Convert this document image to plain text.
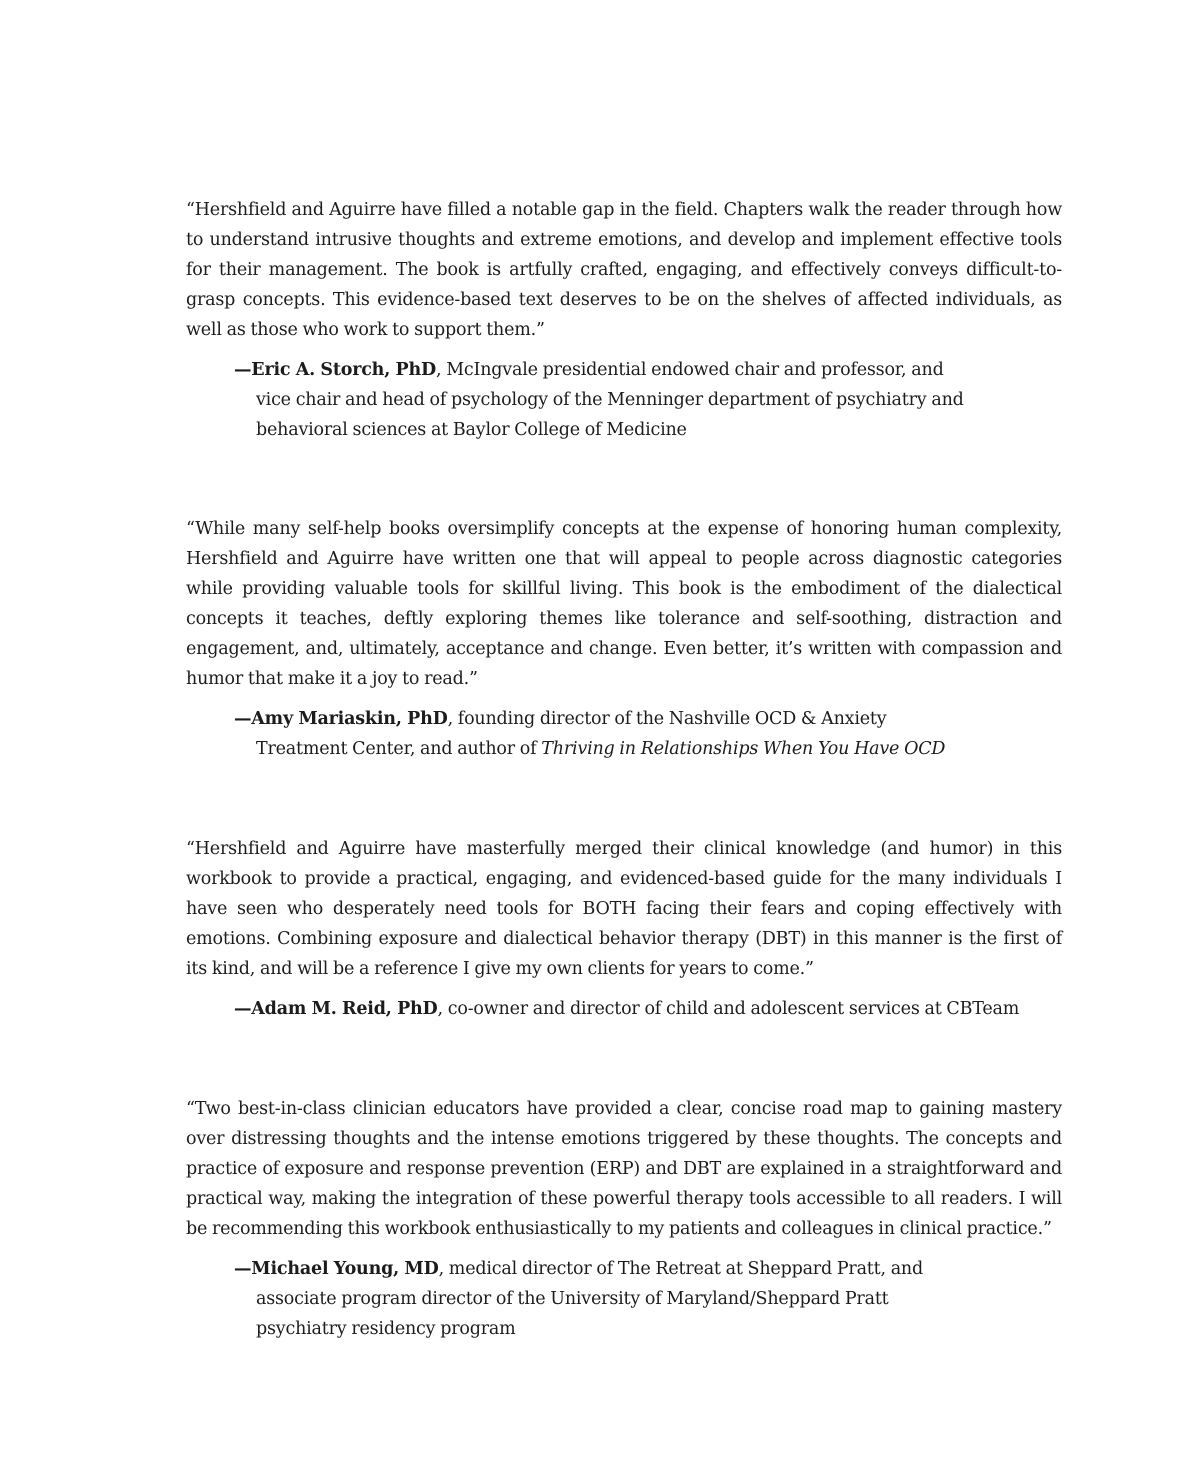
“Hershfield and Aguirre have filled a notable gap in the field. Chapters walk the reader through how to understand intrusive thoughts and extreme emotions, and develop and implement effective tools for their management. The book is artfully crafted, engaging, and effectively conveys difficult-to-grasp concepts. This evidence-based text deserves to be on the shelves of affected individuals, as well as those who work to support them.”

—Eric A. Storch, PhD, McIngvale presidential endowed chair and professor, and vice chair and head of psychology of the Menninger department of psychiatry and behavioral sciences at Baylor College of Medicine

“While many self-help books oversimplify concepts at the expense of honoring human complexity, Hershfield and Aguirre have written one that will appeal to people across diagnostic categories while providing valuable tools for skillful living. This book is the embodiment of the dialectical concepts it teaches, deftly exploring themes like tolerance and self-soothing, distraction and engagement, and, ultimately, acceptance and change. Even better, it’s written with compassion and humor that make it a joy to read.”

—Amy Mariaskin, PhD, founding director of the Nashville OCD & Anxiety Treatment Center, and author of Thriving in Relationships When You Have OCD

“Hershfield and Aguirre have masterfully merged their clinical knowledge (and humor) in this workbook to provide a practical, engaging, and evidenced-based guide for the many individuals I have seen who desperately need tools for BOTH facing their fears and coping effectively with emotions. Combining exposure and dialectical behavior therapy (DBT) in this manner is the first of its kind, and will be a reference I give my own clients for years to come.”

—Adam M. Reid, PhD, co-owner and director of child and adolescent services at CBTeam

“Two best-in-class clinician educators have provided a clear, concise road map to gaining mastery over distressing thoughts and the intense emotions triggered by these thoughts. The concepts and practice of exposure and response prevention (ERP) and DBT are explained in a straightforward and practical way, making the integration of these powerful therapy tools accessible to all readers. I will be recommending this workbook enthusiastically to my patients and colleagues in clinical practice.”

—Michael Young, MD, medical director of The Retreat at Sheppard Pratt, and associate program director of the University of Maryland/Sheppard Pratt psychiatry residency program
